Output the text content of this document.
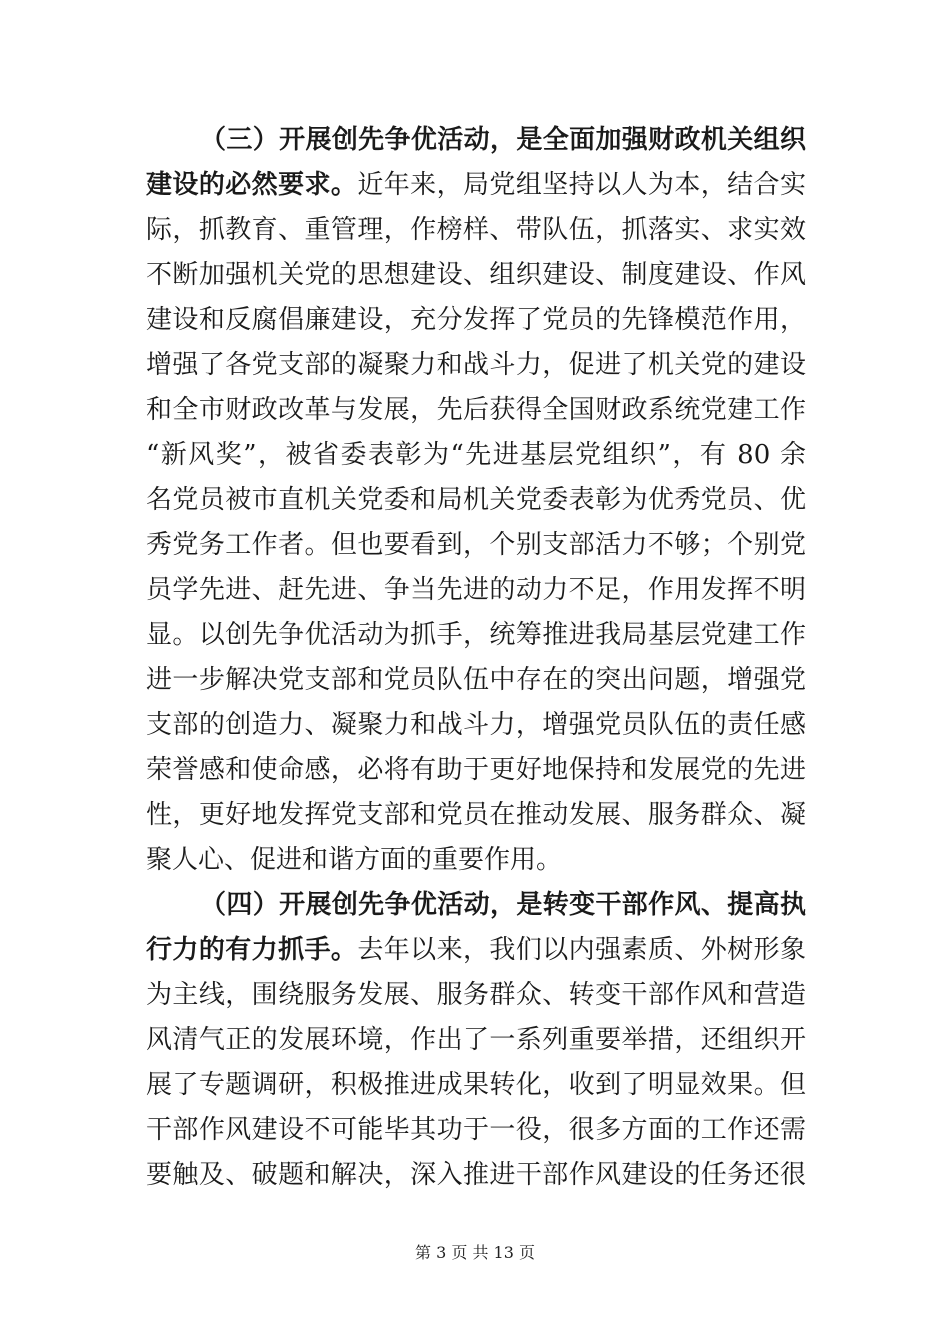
（三）开展创先争优活动，是全面加强财政机关组织
建设的必然要求。近年来，局党组坚持以人为本，结合实
际，抓教育、重管理，作榜样、带队伍，抓落实、求实效
不断加强机关党的思想建设、组织建设、制度建设、作风
建设和反腐倡廉建设，充分发挥了党员的先锋模范作用，
增强了各党支部的凝聚力和战斗力，促进了机关党的建设
和全市财政改革与发展，先后获得全国财政系统党建工作
“新风奖”，被省委表彰为“先进基层党组织”，有 80 余
名党员被市直机关党委和局机关党委表彰为优秀党员、优
秀党务工作者。但也要看到，个别支部活力不够；个别党
员学先进、赶先进、争当先进的动力不足，作用发挥不明
显。以创先争优活动为抓手，统筹推进我局基层党建工作
进一步解决党支部和党员队伍中存在的突出问题，增强党
支部的创造力、凝聚力和战斗力，增强党员队伍的责任感
荣誉感和使命感，必将有助于更好地保持和发展党的先进
性，更好地发挥党支部和党员在推动发展、服务群众、凝
聚人心、促进和谐方面的重要作用。
（四）开展创先争优活动，是转变干部作风、提高执
行力的有力抓手。去年以来，我们以内强素质、外树形象
为主线，围绕服务发展、服务群众、转变干部作风和营造
风清气正的发展环境，作出了一系列重要举措，还组织开
展了专题调研，积极推进成果转化，收到了明显效果。但
干部作风建设不可能毕其功于一役，很多方面的工作还需
要触及、破题和解决，深入推进干部作风建设的任务还很
第 3 页 共 13 页
